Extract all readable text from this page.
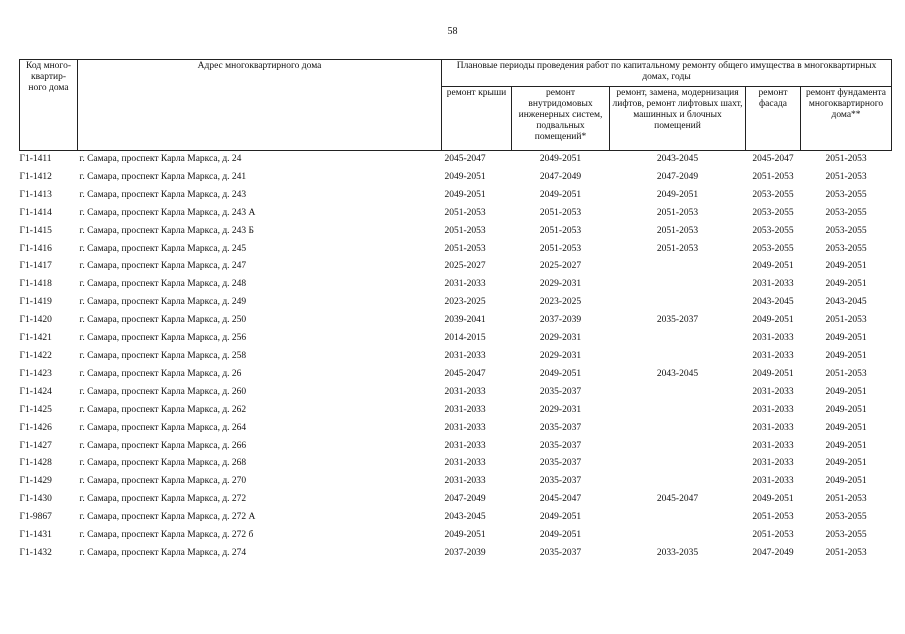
58
Код много-квартир-ного дома	Адрес многоквартирного дома	Плановые периоды проведения работ по капитальному ремонту общего имущества в многоквартирных домах, годы				
		ремонт крыши	ремонт внутридомовых инженерных систем, подвальных помещений*	ремонт, замена, модернизация лифтов, ремонт лифтовых шахт, машинных и блочных помещений	ремонт фасада	ремонт фундамента многоквартирного дома**
Г1-1411	г. Самара, проспект Карла Маркса, д. 24	2045-2047	2049-2051	2043-2045	2045-2047	2051-2053
Г1-1412	г. Самара, проспект Карла Маркса, д. 241	2049-2051	2047-2049	2047-2049	2051-2053	2051-2053
Г1-1413	г. Самара, проспект Карла Маркса, д. 243	2049-2051	2049-2051	2049-2051	2053-2055	2053-2055
Г1-1414	г. Самара, проспект Карла Маркса, д. 243 А	2051-2053	2051-2053	2051-2053	2053-2055	2053-2055
Г1-1415	г. Самара, проспект Карла Маркса, д. 243 Б	2051-2053	2051-2053	2051-2053	2053-2055	2053-2055
Г1-1416	г. Самара, проспект Карла Маркса, д. 245	2051-2053	2051-2053	2051-2053	2053-2055	2053-2055
Г1-1417	г. Самара, проспект Карла Маркса, д. 247	2025-2027	2025-2027		2049-2051	2049-2051
Г1-1418	г. Самара, проспект Карла Маркса, д. 248	2031-2033	2029-2031		2031-2033	2049-2051
Г1-1419	г. Самара, проспект Карла Маркса, д. 249	2023-2025	2023-2025		2043-2045	2043-2045
Г1-1420	г. Самара, проспект Карла Маркса, д. 250	2039-2041	2037-2039	2035-2037	2049-2051	2051-2053
Г1-1421	г. Самара, проспект Карла Маркса, д. 256	2014-2015	2029-2031		2031-2033	2049-2051
Г1-1422	г. Самара, проспект Карла Маркса, д. 258	2031-2033	2029-2031		2031-2033	2049-2051
Г1-1423	г. Самара, проспект Карла Маркса, д. 26	2045-2047	2049-2051	2043-2045	2049-2051	2051-2053
Г1-1424	г. Самара, проспект Карла Маркса, д. 260	2031-2033	2035-2037		2031-2033	2049-2051
Г1-1425	г. Самара, проспект Карла Маркса, д. 262	2031-2033	2029-2031		2031-2033	2049-2051
Г1-1426	г. Самара, проспект Карла Маркса, д. 264	2031-2033	2035-2037		2031-2033	2049-2051
Г1-1427	г. Самара, проспект Карла Маркса, д. 266	2031-2033	2035-2037		2031-2033	2049-2051
Г1-1428	г. Самара, проспект Карла Маркса, д. 268	2031-2033	2035-2037		2031-2033	2049-2051
Г1-1429	г. Самара, проспект Карла Маркса, д. 270	2031-2033	2035-2037		2031-2033	2049-2051
Г1-1430	г. Самара, проспект Карла Маркса, д. 272	2047-2049	2045-2047	2045-2047	2049-2051	2051-2053
Г1-9867	г. Самара, проспект Карла Маркса, д. 272 А	2043-2045	2049-2051		2051-2053	2053-2055
Г1-1431	г. Самара, проспект Карла Маркса, д. 272 б	2049-2051	2049-2051		2051-2053	2053-2055
Г1-1432	г. Самара, проспект Карла Маркса, д. 274	2037-2039	2035-2037	2033-2035	2047-2049	2051-2053
